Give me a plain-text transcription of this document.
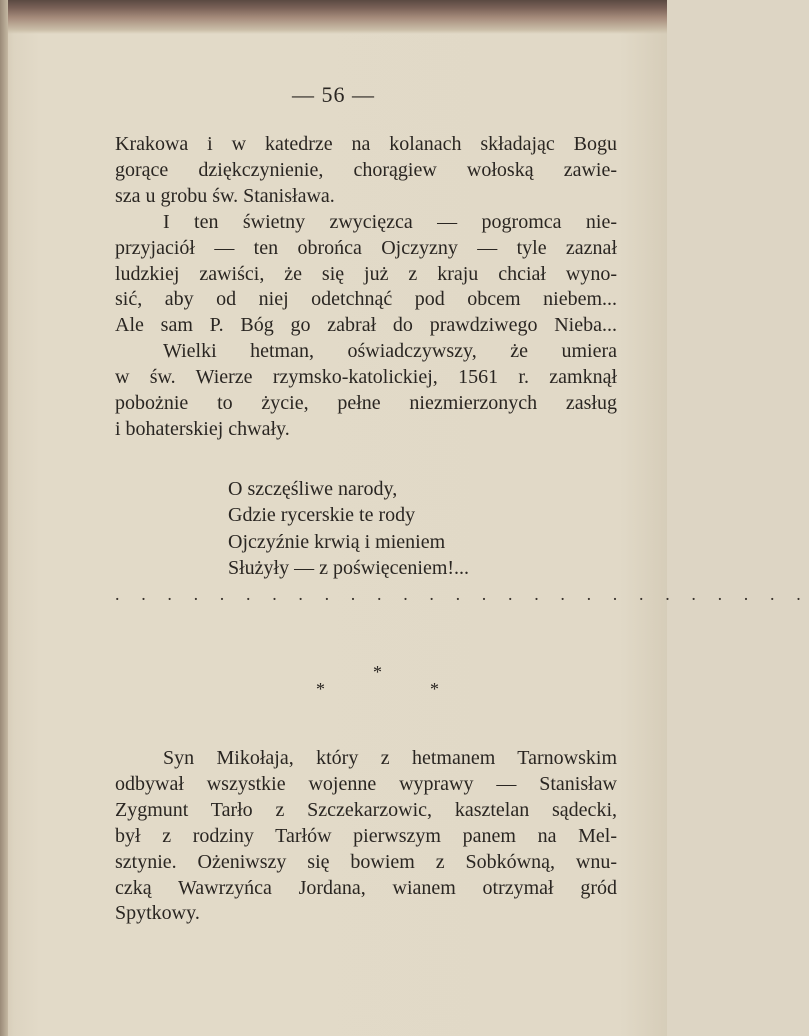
— 56 —

Krakowa i w katedrze na kolanach składając Bogu
gorące dziękczynienie, chorągiew wołoską zawie-
sza u grobu św. Stanisława.

I ten świetny zwycięzca — pogromca nie-
przyjaciół — ten obrońca Ojczyzny — tyle zaznał
ludzkiej zawiści, że się już z kraju chciał wyno-
sić, aby od niej odetchnąć pod obcem niebem...
Ale sam P. Bóg go zabrał do prawdziwego Nieba...

Wielki hetman, oświadczywszy, że umiera
w św. Wierze rzymsko-katolickiej, 1561 r. zamknął
pobożnie to życie, pełne niezmierzonych zasług
i bohaterskiej chwały.

O szczęśliwe narody,
Gdzie rycerskie te rody
Ojczyźnie krwią i mieniem
Służyły — z poświęceniem!...
. . . . . . . . . . . . . . . . . . . . . . . . . . .
*
*	*

Syn Mikołaja, który z hetmanem Tarnowskim
odbywał wszystkie wojenne wyprawy — Stanisław
Zygmunt Tarło z Szczekarzowic, kasztelan sądecki,
był z rodziny Tarłów pierwszym panem na Mel-
sztynie. Ożeniwszy się bowiem z Sobkówną, wnu-
czką Wawrzyńca Jordana, wianem otrzymał gród
Spytkowy.
